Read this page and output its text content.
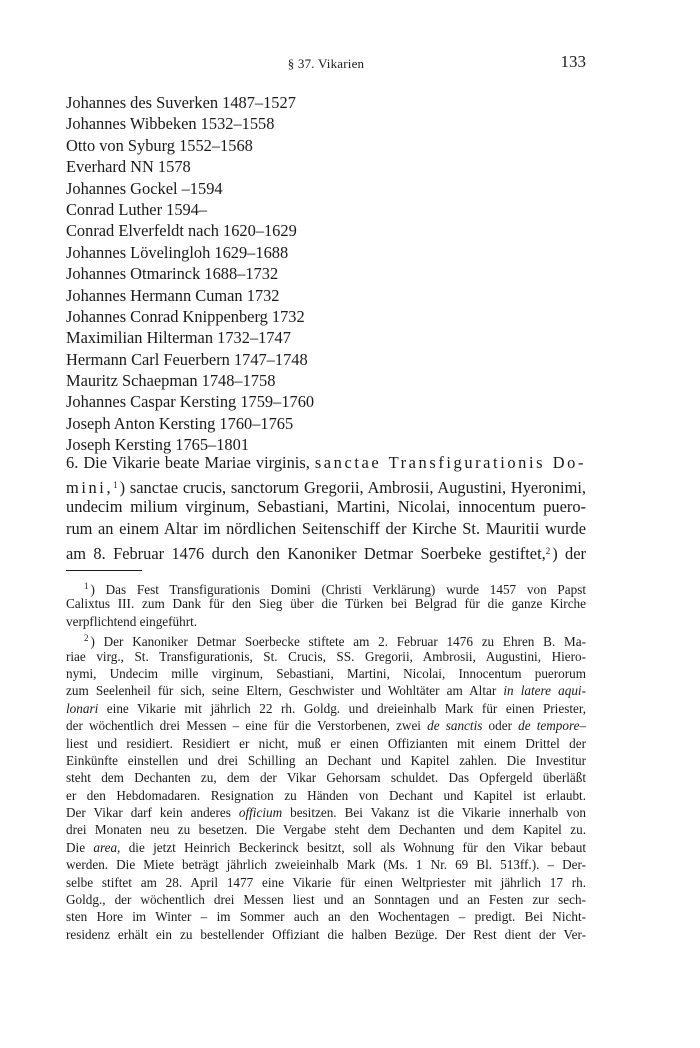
§ 37. Vikarien	133
Johannes des Suverken 1487–1527
Johannes Wibbeken 1532–1558
Otto von Syburg 1552–1568
Everhard NN 1578
Johannes Gockel –1594
Conrad Luther 1594–
Conrad Elverfeldt nach 1620–1629
Johannes Lövelingloh 1629–1688
Johannes Otmarinck 1688–1732
Johannes Hermann Cuman 1732
Johannes Conrad Knippenberg 1732
Maximilian Hilterman 1732–1747
Hermann Carl Feuerbern 1747–1748
Mauritz Schaepman 1748–1758
Johannes Caspar Kersting 1759–1760
Joseph Anton Kersting 1760–1765
Joseph Kersting 1765–1801
6. Die Vikarie beate Mariae virginis, sanctae Transfigurationis Do-
mini,$^1$ ) sanctae crucis, sanctorum Gregorii, Ambrosii, Augustini, Hyeronimi,
undecim milium virginum, Sebastiani, Martini, Nicolai, innocentum puero-
rum an einem Altar im nördlichen Seitenschiff der Kirche St. Mauritii wurde
am 8. Februar 1476 durch den Kanoniker Detmar Soerbeke gestiftet,$^2$ ) der
$^1$ ) Das Fest Transfigurationis Domini (Christi Verklärung) wurde 1457 von Papst
Calixtus III. zum Dank für den Sieg über die Türken bei Belgrad für die ganze Kirche
verpflichtend eingeführt.
$^2$ ) Der Kanoniker Detmar Soerbecke stiftete am 2. Februar 1476 zu Ehren B. Ma-
riae virg., St. Transfigurationis, St. Crucis, SS. Gregorii, Ambrosii, Augustini, Hiero-
nymi, Undecim mille virginum, Sebastiani, Martini, Nicolai, Innocentum puerorum
zum Seelenheil für sich, seine Eltern, Geschwister und Wohltäter am Altar in latere aqui-
lonari eine Vikarie mit jährlich 22 rh. Goldg. und dreieinhalb Mark für einen Priester,
der wöchentlich drei Messen – eine für die Verstorbenen, zwei de sanctis oder de tempore–
liest und residiert. Residiert er nicht, muß er einen Offizianten mit einem Drittel der
Einkünfte einstellen und drei Schilling an Dechant und Kapitel zahlen. Die Investitur
steht dem Dechanten zu, dem der Vikar Gehorsam schuldet. Das Opfergeld überläßt
er den Hebdomadaren. Resignation zu Händen von Dechant und Kapitel ist erlaubt.
Der Vikar darf kein anderes officium besitzen. Bei Vakanz ist die Vikarie innerhalb von
drei Monaten neu zu besetzen. Die Vergabe steht dem Dechanten und dem Kapitel zu.
Die area, die jetzt Heinrich Beckerinck besitzt, soll als Wohnung für den Vikar bebaut
werden. Die Miete beträgt jährlich zweieinhalb Mark (Ms. 1 Nr. 69 Bl. 513ff.). – Der-
selbe stiftet am 28. April 1477 eine Vikarie für einen Weltpriester mit jährlich 17 rh.
Goldg., der wöchentlich drei Messen liest und an Sonntagen und an Festen zur sech-
sten Hore im Winter – im Sommer auch an den Wochentagen – predigt. Bei Nicht-
residenz erhält ein zu bestellender Offiziant die halben Bezüge. Der Rest dient der Ver-
